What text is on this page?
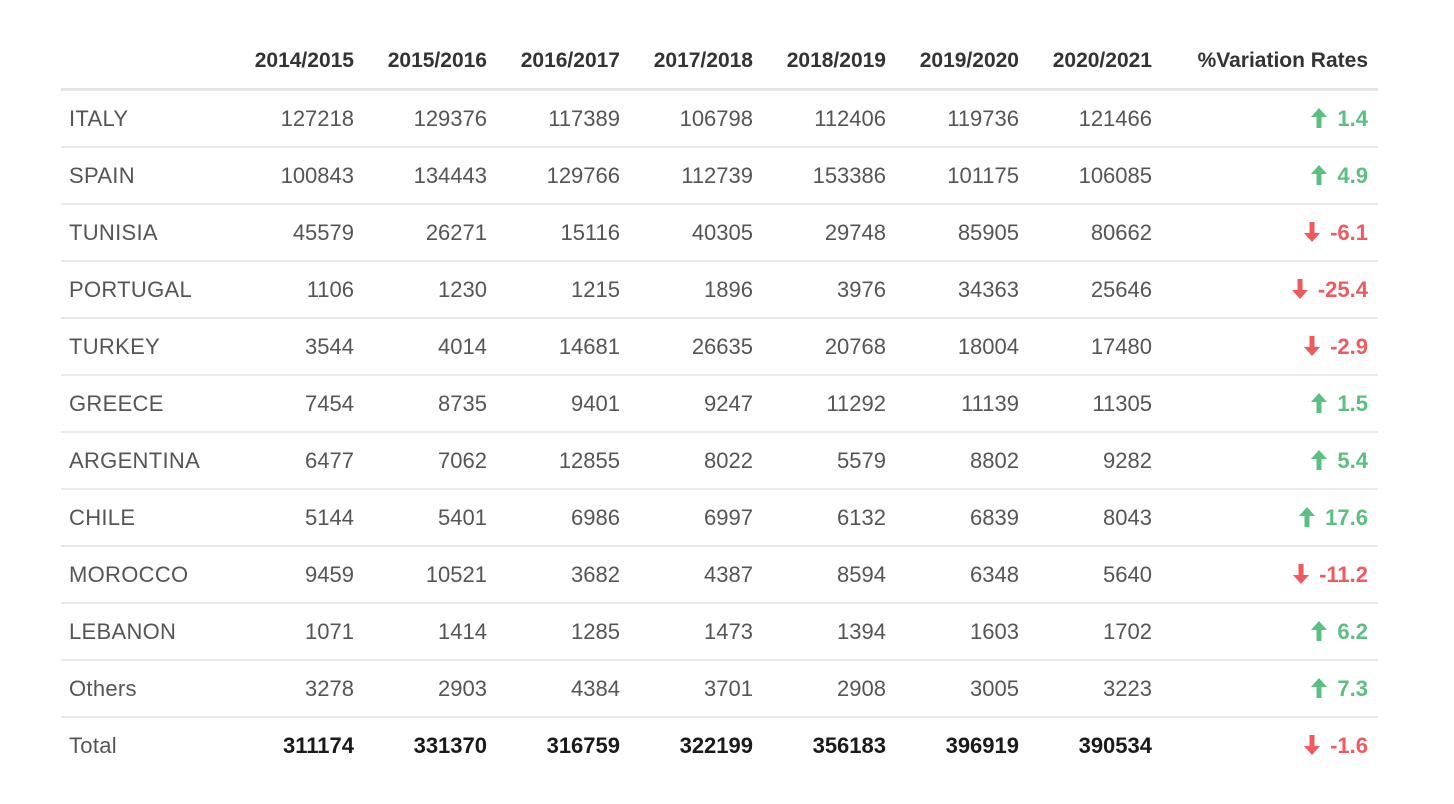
	2014/2015	2015/2016	2016/2017	2017/2018	2018/2019	2019/2020	2020/2021	%Variation Rates
ITALY	127218	129376	117389	106798	112406	119736	121466	1.4
SPAIN	100843	134443	129766	112739	153386	101175	106085	4.9
TUNISIA	45579	26271	15116	40305	29748	85905	80662	-6.1
PORTUGAL	1106	1230	1215	1896	3976	34363	25646	-25.4
TURKEY	3544	4014	14681	26635	20768	18004	17480	-2.9
GREECE	7454	8735	9401	9247	11292	11139	11305	1.5
ARGENTINA	6477	7062	12855	8022	5579	8802	9282	5.4
CHILE	5144	5401	6986	6997	6132	6839	8043	17.6
MOROCCO	9459	10521	3682	4387	8594	6348	5640	-11.2
LEBANON	1071	1414	1285	1473	1394	1603	1702	6.2
Others	3278	2903	4384	3701	2908	3005	3223	7.3
Total	311174	331370	316759	322199	356183	396919	390534	-1.6
